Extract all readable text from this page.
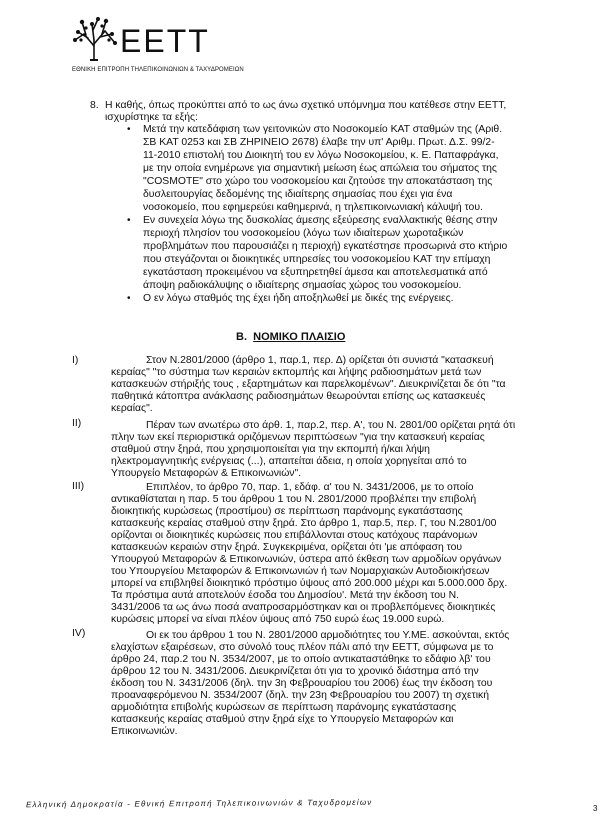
ΕΕΤΤ
ΕΘΝΙΚΗ ΕΠΙΤΡΟΠΗ ΤΗΛΕΠΙΚΟΙΝΩΝΙΩΝ & ΤΑΧΥΔΡΟΜΕΙΩΝ
8. Η καθής, όπως προκύπτει από το ως άνω σχετικό υπόμνημα που κατέθεσε στην ΕΕΤΤ,
ισχυρίστηκε τα εξής:
• Μετά την κατεδάφιση των γειτονικών στο Νοσοκομείο ΚΑΤ σταθμών της (Αριθ.
ΣΒ ΚΑΤ 0253 και ΣΒ ΖΗΡΙΝΕΙΟ 2678) έλαβε την υπ' Αριθμ. Πρωτ. Δ.Σ. 99/2-
11-2010 επιστολή του Διοικητή του εν λόγω Νοσοκομείου, κ. Ε. Παπαφράγκα,
με την οποία ενημέρωνε για σημαντική μείωση έως απώλεια του σήματος της
"COSMOTE" στο χώρο του νοσοκομείου και ζητούσε την αποκατάσταση της
δυσλειτουργίας δεδομένης της ιδιαίτερης σημασίας που έχει για ένα
νοσοκομείο, που εφημερεύει καθημερινά, η τηλεπικοινωνιακή κάλυψή του.
• Εν συνεχεία λόγω της δυσκολίας άμεσης εξεύρεσης εναλλακτικής θέσης στην
περιοχή πλησίον του νοσοκομείου (λόγω των ιδιαίτερων χωροταξικών
προβλημάτων που παρουσιάζει η περιοχή) εγκατέστησε προσωρινά στο κτήριο
που στεγάζονται οι διοικητικές υπηρεσίες του νοσοκομείου ΚΑΤ την επίμαχη
εγκατάσταση προκειμένου να εξυπηρετηθεί άμεσα και αποτελεσματικά από
άποψη ραδιοκάλυψης ο ιδιαίτερης σημασίας χώρος του νοσοκομείου.
• Ο εν λόγω σταθμός της έχει ήδη αποξηλωθεί με δικές της ενέργειες.
Β. ΝΟΜΙΚΟ ΠΛΑΙΣΙΟ
I)	Στον Ν.2801/2000 (άρθρο 1, παρ.1, περ. Δ) ορίζεται ότι συνιστά "κατασκευή
κεραίας" "το σύστημα των κεραιών εκπομπής και λήψης ραδιοσημάτων μετά των
κατασκευών στήριξής τους , εξαρτημάτων και παρελκομένων". Διευκρινίζεται δε ότι "τα
παθητικά κάτοπτρα ανάκλασης ραδιοσημάτων θεωρούνται επίσης ως κατασκευές
κεραίας".
II)	Πέραν των ανωτέρω στο άρθ. 1, παρ.2, περ. Α', του Ν. 2801/00 ορίζεται ρητά ότι
πλην των εκεί περιοριστικά οριζόμενων περιπτώσεων "για την κατασκευή κεραίας
σταθμού στην ξηρά, που χρησιμοποιείται για την εκπομπή ή/και λήψη
ηλεκτρομαγνητικής ενέργειας (...), απαιτείται άδεια, η οποία χορηγείται από το
Υπουργείο Μεταφορών & Επικοινωνιών".
III)	Επιπλέον, το άρθρο 70, παρ. 1, εδάφ. α' του Ν. 3431/2006, με το οποίο
αντικαθίσταται η παρ. 5 του άρθρου 1 του Ν. 2801/2000 προβλέπει την επιβολή
διοικητικής κυρώσεως (προστίμου) σε περίπτωση παράνομης εγκατάστασης
κατασκευής κεραίας σταθμού στην ξηρά. Στο άρθρο 1, παρ.5, περ. Γ, του Ν.2801/00
ορίζονται οι διοικητικές κυρώσεις που επιβάλλονται στους κατόχους παράνομων
κατασκευών κεραιών στην ξηρά. Συγκεκριμένα, ορίζεται ότι 'με απόφαση του
Υπουργού Μεταφορών & Επικοινωνιών, ύστερα από έκθεση των αρμοδίων οργάνων
του Υπουργείου Μεταφορών & Επικοινωνιών ή των Νομαρχιακών Αυτοδιοικήσεων
μπορεί να επιβληθεί διοικητικό πρόστιμο ύψους από 200.000 μέχρι και 5.000.000 δρχ.
Τα πρόστιμα αυτά αποτελούν έσοδα του Δημοσίου'. Μετά την έκδοση του Ν.
3431/2006 τα ως άνω ποσά αναπροσαρμόστηκαν και οι προβλεπόμενες διοικητικές
κυρώσεις μπορεί να είναι πλέον ύψους από 750 ευρώ έως 19.000 ευρώ.
IV)	Οι εκ του άρθρου 1 του Ν. 2801/2000 αρμοδιότητες του Υ.ΜΕ. ασκούνται, εκτός
ελαχίστων εξαιρέσεων, στο σύνολό τους πλέον πάλι από την ΕΕΤΤ, σύμφωνα με το
άρθρο 24, παρ.2 του Ν. 3534/2007, με το οποίο αντικαταστάθηκε το εδάφιο λβ' του
άρθρου 12 του Ν. 3431/2006. Διευκρινίζεται ότι για το χρονικό διάστημα από την
έκδοση του Ν. 3431/2006 (δηλ. την 3η Φεβρουαρίου του 2006) έως την έκδοση του
προαναφερόμενου Ν. 3534/2007 (δηλ. την 23η Φεβρουαρίου του 2007) τη σχετική
αρμοδιότητα επιβολής κυρώσεων σε περίπτωση παράνομης εγκατάστασης
κατασκευής κεραίας σταθμού στην ξηρά είχε το Υπουργείο Μεταφορών και
Επικοινωνιών.
Ελληνική Δημοκρατία - Εθνική Επιτροπή Τηλεπικοινωνιών & Ταχυδρομείων	3
